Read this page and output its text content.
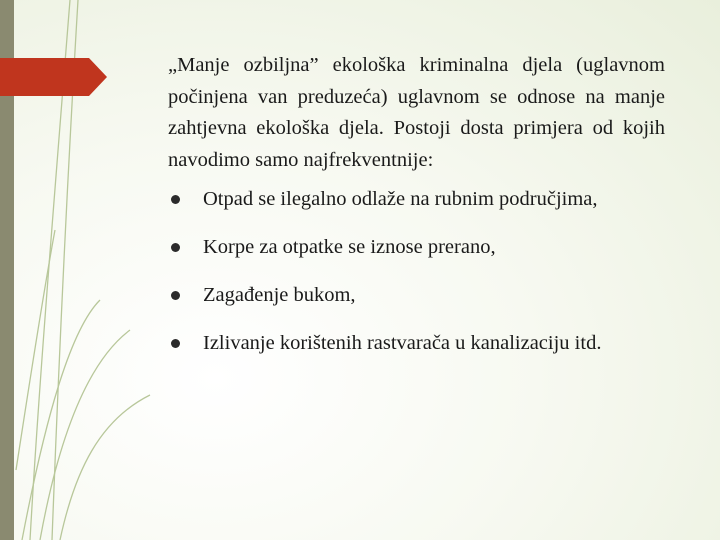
„Manje ozbiljna” ekološka kriminalna djela (uglavnom počinjena van preduzeća) uglavnom se odnose na manje zahtjevna ekološka djela. Postoji dosta primjera od kojih navodimo samo najfrekventnije:

Otpad se ilegalno odlaže na rubnim područjima,
Korpe za otpatke se iznose prerano,
Zagađenje bukom,
Izlivanje korištenih rastvarača u kanalizaciju itd.
